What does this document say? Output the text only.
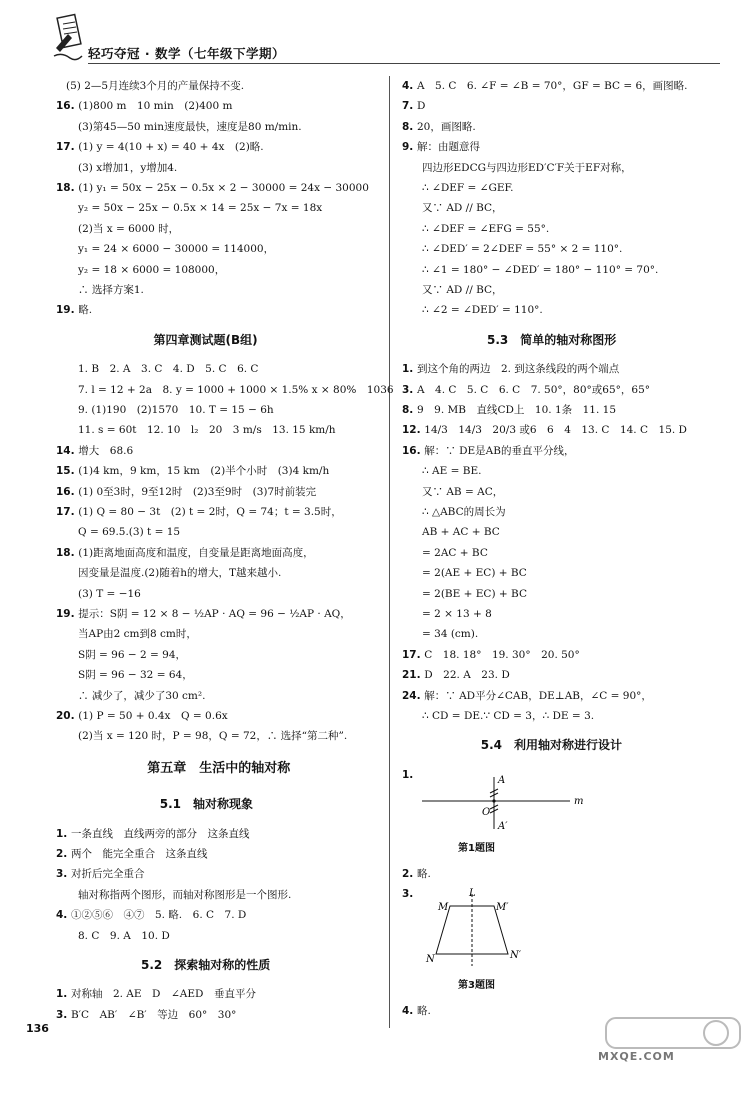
轻巧夺冠 · 数学（七年级下学期）
(5) 2—5月连续3个月的产量保持不变.
16. (1)800 m　10 min　(2)400 m
(3)第45—50 min速度最快，速度是80 m/min.
17. (1) y = 4(10 + x) = 40 + 4x　(2)略.
(3) x增加1，y增加4.
18. (1) y₁ = 50x − 25x − 0.5x × 2 − 30000 = 24x − 30000
y₂ = 50x − 25x − 0.5x × 14 = 25x − 7x = 18x
(2)当 x = 6000 时，
y₁ = 24 × 6000 − 30000 = 114000，
y₂ = 18 × 6000 = 108000，
∴ 选择方案1.
19. 略.
第四章测试题(B组)
1. B　2. A　3. C　4. D　5. C　6. C
7. l = 12 + 2a　8. y = 1000 + 1000 × 1.5% x × 80%　1036
9. (1)190　(2)1570　10. T = 15 − 6h
11. s = 60t　12. 10　l₂　20　3 m/s　13. 15 km/h
14. 增大　68.6
15. (1)4 km，9 km，15 km　(2)半个小时　(3)4 km/h
16. (1) 0至3时，9至12时　(2)3至9时　(3)7时前装完
17. (1) Q = 80 − 3t　(2) t = 2时，Q = 74；t = 3.5时，
Q = 69.5.(3) t = 15
18. (1)距离地面高度和温度，自变量是距离地面高度，
因变量是温度.(2)随着h的增大，T越来越小.
(3) T = −16
19. 提示：S阴 = 12 × 8 − ½AP · AQ = 96 − ½AP · AQ，
当AP由2 cm到8 cm时，
S阴 = 96 − 2 = 94，
S阴 = 96 − 32 = 64，
∴ 减少了，减少了30 cm².
20. (1) P = 50 + 0.4x　Q = 0.6x
(2)当 x = 120 时，P = 98，Q = 72，∴ 选择“第二种”.
第五章　生活中的轴对称
5.1　轴对称现象
1. 一条直线　直线两旁的部分　这条直线
2. 两个　能完全重合　这条直线
3. 对折后完全重合
轴对称指两个图形，而轴对称图形是一个图形.
4. ①②⑤⑥　④⑦　5. 略.　6. C　7. D
8. C　9. A　10. D
5.2　探索轴对称的性质
1. 对称轴　2. AE　D　∠AED　垂直平分
3. B′C　AB′　∠B′　等边　60°　30°
4. A　5. C　6. ∠F = ∠B = 70°，GF = BC = 6，画图略.
7. D
8. 20，画图略.
9. 解：由题意得
四边形EDCG与四边形ED′C′F关于EF对称，
∴ ∠DEF = ∠GEF.
又∵ AD // BC，
∴ ∠DEF = ∠EFG = 55°.
∴ ∠DED′ = 2∠DEF = 55° × 2 = 110°.
∴ ∠1 = 180° − ∠DED′ = 180° − 110° = 70°.
又∵ AD // BC，
∴ ∠2 = ∠DED′ = 110°.
5.3　简单的轴对称图形
1. 到这个角的两边　2. 到这条线段的两个端点
3. A　4. C　5. C　6. C　7. 50°，80°或65°，65°
8. 9　9. MB　直线CD上　10. 1条　11. 15
12. 14/3　14/3　20/3 或6　6　4　13. C　14. C　15. D
16. 解：∵ DE是AB的垂直平分线，
∴ AE = BE.
又∵ AB = AC，
∴ △ABC的周长为
AB + AC + BC
= 2AC + BC
= 2(AE + EC) + BC
= 2(BE + EC) + BC
= 2 × 13 + 8
= 34 (cm).
17. C　18. 18°　19. 30°　20. 50°
21. D　22. A　23. D
24. 解：∵ AD平分∠CAB，DE⊥AB，∠C = 90°，
∴ CD = DE.∵ CD = 3，∴ DE = 3.
5.4　利用轴对称进行设计
1.	A
O
A′
m
第1题图
2. 略.
3.	L
M	M′
N	N′
第3题图
4. 略.
136
MXQE.COM
